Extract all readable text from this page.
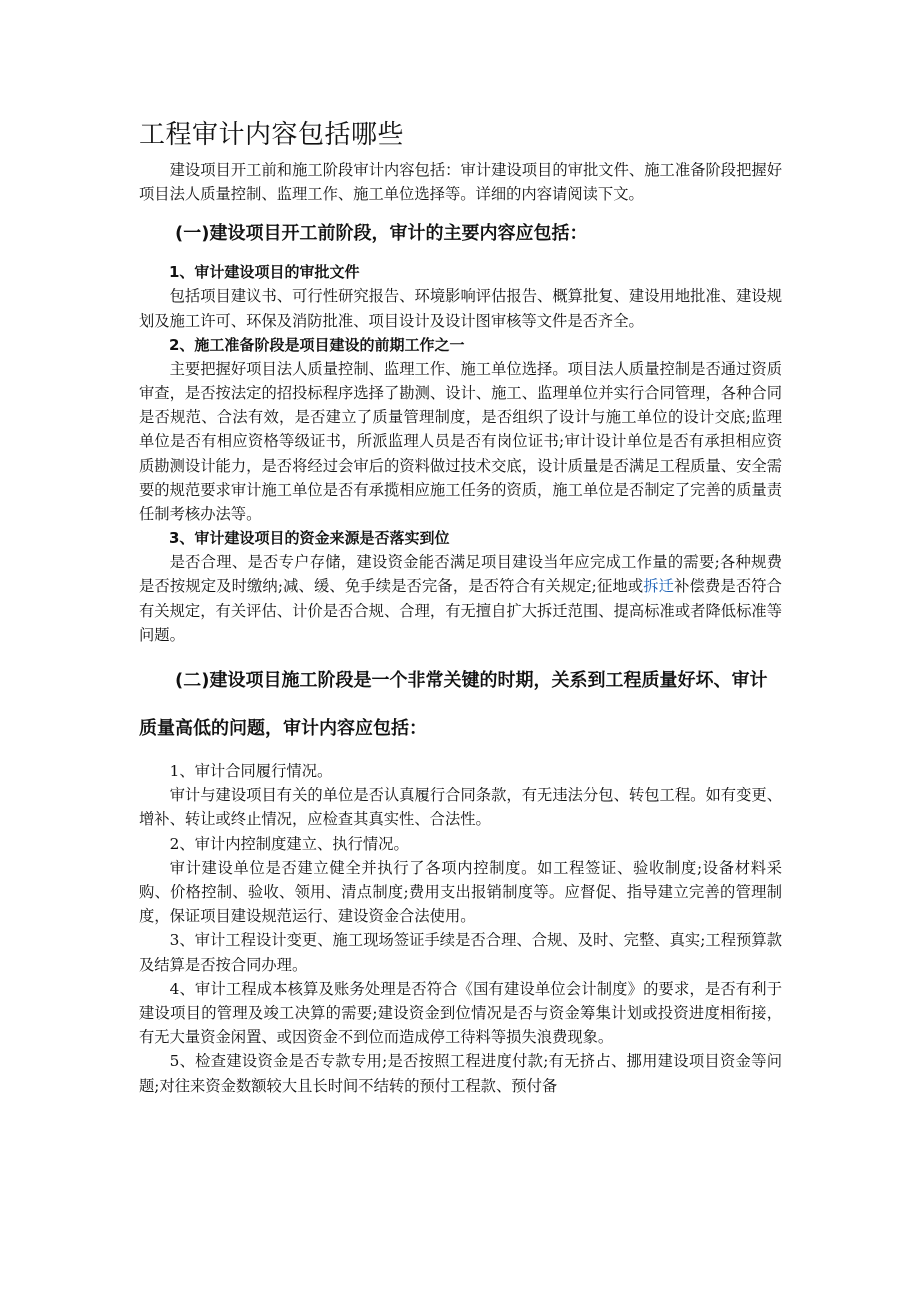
工程审计内容包括哪些

建设项目开工前和施工阶段审计内容包括：审计建设项目的审批文件、施工准备阶段把握好项目法人质量控制、监理工作、施工单位选择等。详细的内容请阅读下文。

(一)建设项目开工前阶段，审计的主要内容应包括：

1、审计建设项目的审批文件

包括项目建议书、可行性研究报告、环境影响评估报告、概算批复、建设用地批准、建设规划及施工许可、环保及消防批准、项目设计及设计图审核等文件是否齐全。

2、施工准备阶段是项目建设的前期工作之一

主要把握好项目法人质量控制、监理工作、施工单位选择。项目法人质量控制是否通过资质审查，是否按法定的招投标程序选择了勘测、设计、施工、监理单位并实行合同管理，各种合同是否规范、合法有效，是否建立了质量管理制度，是否组织了设计与施工单位的设计交底;监理单位是否有相应资格等级证书，所派监理人员是否有岗位证书;审计设计单位是否有承担相应资质勘测设计能力，是否将经过会审后的资料做过技术交底，设计质量是否满足工程质量、安全需要的规范要求审计施工单位是否有承揽相应施工任务的资质，施工单位是否制定了完善的质量责任制考核办法等。

3、审计建设项目的资金来源是否落实到位

是否合理、是否专户存储，建设资金能否满足项目建设当年应完成工作量的需要;各种规费是否按规定及时缴纳;减、缓、免手续是否完备，是否符合有关规定;征地或拆迁补偿费是否符合有关规定，有关评估、计价是否合规、合理，有无擅自扩大拆迁范围、提高标准或者降低标准等问题。

(二)建设项目施工阶段是一个非常关键的时期，关系到工程质量好坏、审计质量高低的问题，审计内容应包括：

1、审计合同履行情况。

审计与建设项目有关的单位是否认真履行合同条款，有无违法分包、转包工程。如有变更、增补、转让或终止情况，应检查其真实性、合法性。

2、审计内控制度建立、执行情况。

审计建设单位是否建立健全并执行了各项内控制度。如工程签证、验收制度;设备材料采购、价格控制、验收、领用、清点制度;费用支出报销制度等。应督促、指导建立完善的管理制度，保证项目建设规范运行、建设资金合法使用。

3、审计工程设计变更、施工现场签证手续是否合理、合规、及时、完整、真实;工程预算款及结算是否按合同办理。

4、审计工程成本核算及账务处理是否符合《国有建设单位会计制度》的要求，是否有利于建设项目的管理及竣工决算的需要;建设资金到位情况是否与资金筹集计划或投资进度相衔接，有无大量资金闲置、或因资金不到位而造成停工待料等损失浪费现象。

5、检查建设资金是否专款专用;是否按照工程进度付款;有无挤占、挪用建设项目资金等问题;对往来资金数额较大且长时间不结转的预付工程款、预付备
